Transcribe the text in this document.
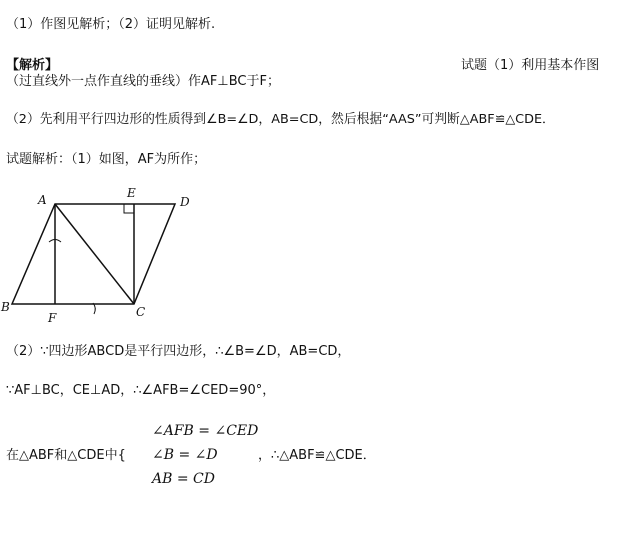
（1）作图见解析；（2）证明见解析.
【解析】	试题（1）利用基本作图
（过直线外一点作直线的垂线）作AF⊥BC于F；
（2）先利用平行四边形的性质得到∠B=∠D，AB=CD，然后根据“AAS”可判断△ABF≌△CDE．
试题解析：（1）如图，AF为所作；
A	E
D
B
F	C
（2）∵四边形ABCD是平行四边形，∴∠B=∠D，AB=CD，
∵AF⊥BC，CE⊥AD，∴∠AFB=∠CED=90°，
在△ABF和△CDE中{
∠AFB = ∠CED
∠B = ∠D
AB = CD
，∴△ABF≌△CDE．
